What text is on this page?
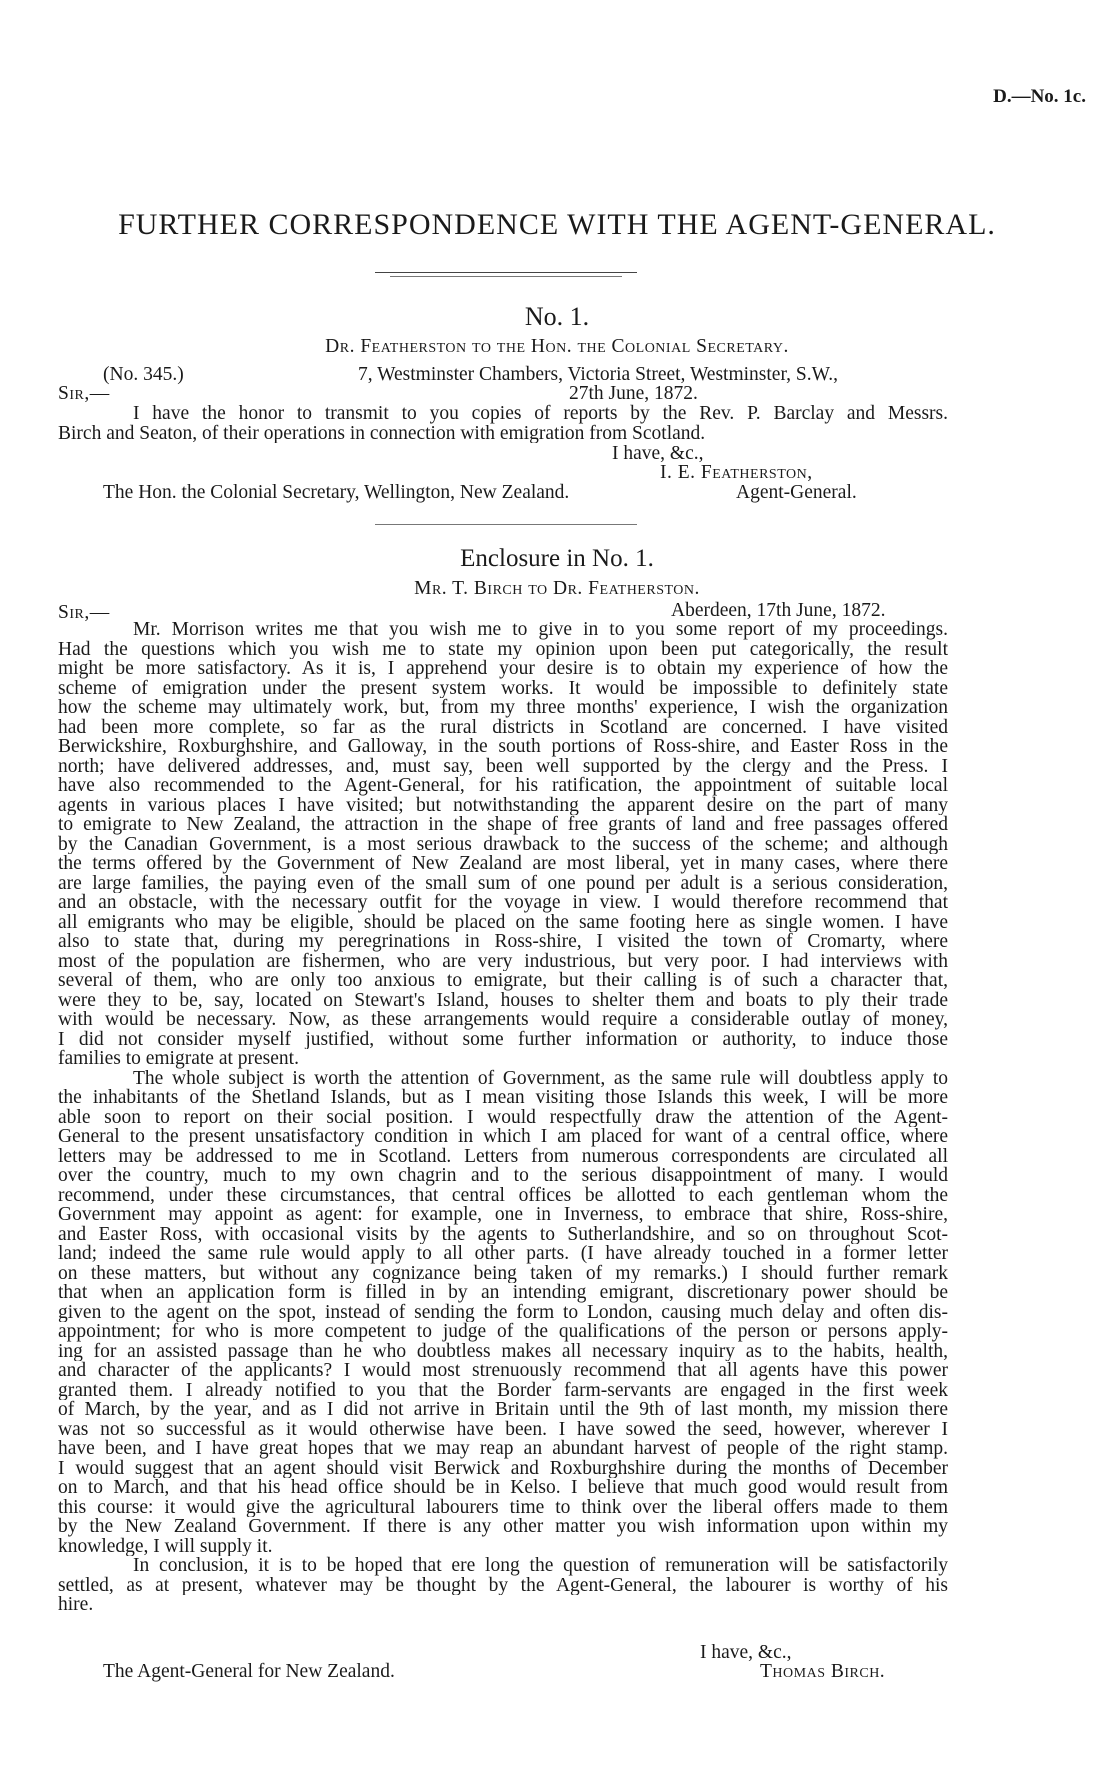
D.—No. 1c.
FURTHER CORRESPONDENCE WITH THE AGENT-GENERAL.
No. 1.
Dr. Featherston to the Hon. the Colonial Secretary.
(No. 345.)	7, Westminster Chambers, Victoria Street, Westminster, S.W.,
Sir,—	27th June, 1872.
I have the honor to transmit to you copies of reports by the Rev. P. Barclay and Messrs.
Birch and Seaton, of their operations in connection with emigration from Scotland.
I have, &c.,
I. E. Featherston,
The Hon. the Colonial Secretary, Wellington, New Zealand.	Agent-General.
Enclosure in No. 1.
Mr. T. Birch to Dr. Featherston.
Sir,—	Aberdeen, 17th June, 1872.
Mr. Morrison writes me that you wish me to give in to you some report of my proceedings.
Had the questions which you wish me to state my opinion upon been put categorically, the result
might be more satisfactory. As it is, I apprehend your desire is to obtain my experience of how the
scheme of emigration under the present system works. It would be impossible to definitely state
how the scheme may ultimately work, but, from my three months' experience, I wish the organization
had been more complete, so far as the rural districts in Scotland are concerned. I have visited
Berwickshire, Roxburghshire, and Galloway, in the south portions of Ross-shire, and Easter Ross in the
north; have delivered addresses, and, must say, been well supported by the clergy and the Press. I
have also recommended to the Agent-General, for his ratification, the appointment of suitable local
agents in various places I have visited; but notwithstanding the apparent desire on the part of many
to emigrate to New Zealand, the attraction in the shape of free grants of land and free passages offered
by the Canadian Government, is a most serious drawback to the success of the scheme; and although
the terms offered by the Government of New Zealand are most liberal, yet in many cases, where there
are large families, the paying even of the small sum of one pound per adult is a serious consideration,
and an obstacle, with the necessary outfit for the voyage in view. I would therefore recommend that
all emigrants who may be eligible, should be placed on the same footing here as single women. I have
also to state that, during my peregrinations in Ross-shire, I visited the town of Cromarty, where
most of the population are fishermen, who are very industrious, but very poor. I had interviews with
several of them, who are only too anxious to emigrate, but their calling is of such a character that,
were they to be, say, located on Stewart's Island, houses to shelter them and boats to ply their trade
with would be necessary. Now, as these arrangements would require a considerable outlay of money,
I did not consider myself justified, without some further information or authority, to induce those
families to emigrate at present.
The whole subject is worth the attention of Government, as the same rule will doubtless apply to
the inhabitants of the Shetland Islands, but as I mean visiting those Islands this week, I will be more
able soon to report on their social position. I would respectfully draw the attention of the Agent-
General to the present unsatisfactory condition in which I am placed for want of a central office, where
letters may be addressed to me in Scotland. Letters from numerous correspondents are circulated all
over the country, much to my own chagrin and to the serious disappointment of many. I would
recommend, under these circumstances, that central offices be allotted to each gentleman whom the
Government may appoint as agent: for example, one in Inverness, to embrace that shire, Ross-shire,
and Easter Ross, with occasional visits by the agents to Sutherlandshire, and so on throughout Scot-
land; indeed the same rule would apply to all other parts. (I have already touched in a former letter
on these matters, but without any cognizance being taken of my remarks.) I should further remark
that when an application form is filled in by an intending emigrant, discretionary power should be
given to the agent on the spot, instead of sending the form to London, causing much delay and often dis-
appointment; for who is more competent to judge of the qualifications of the person or persons apply-
ing for an assisted passage than he who doubtless makes all necessary inquiry as to the habits, health,
and character of the applicants? I would most strenuously recommend that all agents have this power
granted them. I already notified to you that the Border farm-servants are engaged in the first week
of March, by the year, and as I did not arrive in Britain until the 9th of last month, my mission there
was not so successful as it would otherwise have been. I have sowed the seed, however, wherever I
have been, and I have great hopes that we may reap an abundant harvest of people of the right stamp.
I would suggest that an agent should visit Berwick and Roxburghshire during the months of December
on to March, and that his head office should be in Kelso. I believe that much good would result from
this course: it would give the agricultural labourers time to think over the liberal offers made to them
by the New Zealand Government. If there is any other matter you wish information upon within my
knowledge, I will supply it.
In conclusion, it is to be hoped that ere long the question of remuneration will be satisfactorily
settled, as at present, whatever may be thought by the Agent-General, the labourer is worthy of his
hire.
I have, &c.,
The Agent-General for New Zealand.	Thomas Birch.
